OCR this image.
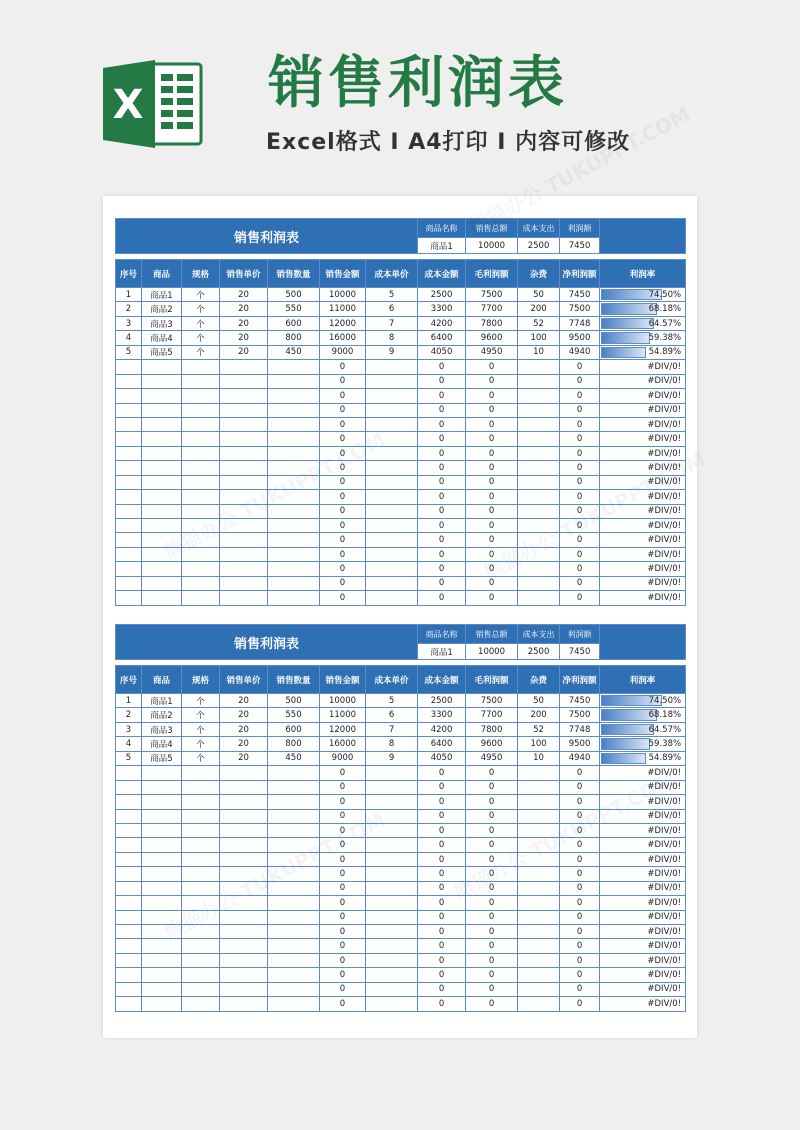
X 销售利润表
Excel格式 I A4打印 I 内容可修改
销售利润表							商品名称	销售总额	成本支出	利润额	
							商品1	10000	2500	7450	

序号	商品	规格	销售单价	销售数量	销售金额	成本单价	成本金额	毛利润额	杂费	净利润额	利润率
1	商品1	个	20	500	10000	5	2500	7500	50	7450	74.50%
2	商品2	个	20	550	11000	6	3300	7700	200	7500	68.18%
3	商品3	个	20	600	12000	7	4200	7800	52	7748	64.57%
4	商品4	个	20	800	16000	8	6400	9600	100	9500	59.38%
5	商品5	个	20	450	9000	9	4050	4950	10	4940	54.89%
					0		0	0		0	#DIV/0!
					0		0	0		0	#DIV/0!
					0		0	0		0	#DIV/0!
					0		0	0		0	#DIV/0!
					0		0	0		0	#DIV/0!
					0		0	0		0	#DIV/0!
					0		0	0		0	#DIV/0!
					0		0	0		0	#DIV/0!
					0		0	0		0	#DIV/0!
					0		0	0		0	#DIV/0!
					0		0	0		0	#DIV/0!
					0		0	0		0	#DIV/0!
					0		0	0		0	#DIV/0!
					0		0	0		0	#DIV/0!
					0		0	0		0	#DIV/0!
					0		0	0		0	#DIV/0!
					0		0	0		0	#DIV/0!
销售利润表							商品名称	销售总额	成本支出	利润额	
							商品1	10000	2500	7450	

序号	商品	规格	销售单价	销售数量	销售金额	成本单价	成本金额	毛利润额	杂费	净利润额	利润率
1	商品1	个	20	500	10000	5	2500	7500	50	7450	74.50%
2	商品2	个	20	550	11000	6	3300	7700	200	7500	68.18%
3	商品3	个	20	600	12000	7	4200	7800	52	7748	64.57%
4	商品4	个	20	800	16000	8	6400	9600	100	9500	59.38%
5	商品5	个	20	450	9000	9	4050	4950	10	4940	54.89%
					0		0	0		0	#DIV/0!
					0		0	0		0	#DIV/0!
					0		0	0		0	#DIV/0!
					0		0	0		0	#DIV/0!
					0		0	0		0	#DIV/0!
					0		0	0		0	#DIV/0!
					0		0	0		0	#DIV/0!
					0		0	0		0	#DIV/0!
					0		0	0		0	#DIV/0!
					0		0	0		0	#DIV/0!
					0		0	0		0	#DIV/0!
					0		0	0		0	#DIV/0!
					0		0	0		0	#DIV/0!
					0		0	0		0	#DIV/0!
					0		0	0		0	#DIV/0!
					0		0	0		0	#DIV/0!
					0		0	0		0	#DIV/0!
